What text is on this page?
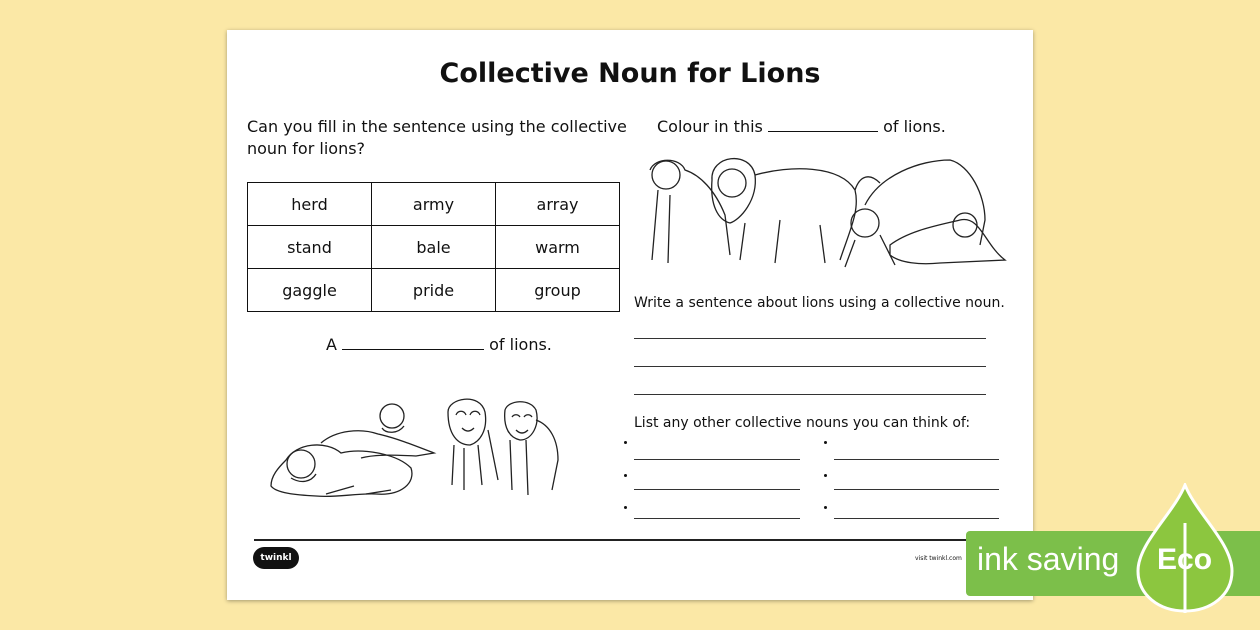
Collective Noun for Lions
Can you fill in the sentence using the collective
noun for lions?
herd	army	array
stand	bale	warm
gaggle	pride	group
A	of lions.
Colour in this	of lions.
Write a sentence about lions using a collective noun.
List any other collective nouns you can think of:
twinkl	visit twinkl.com ink saving Eco
